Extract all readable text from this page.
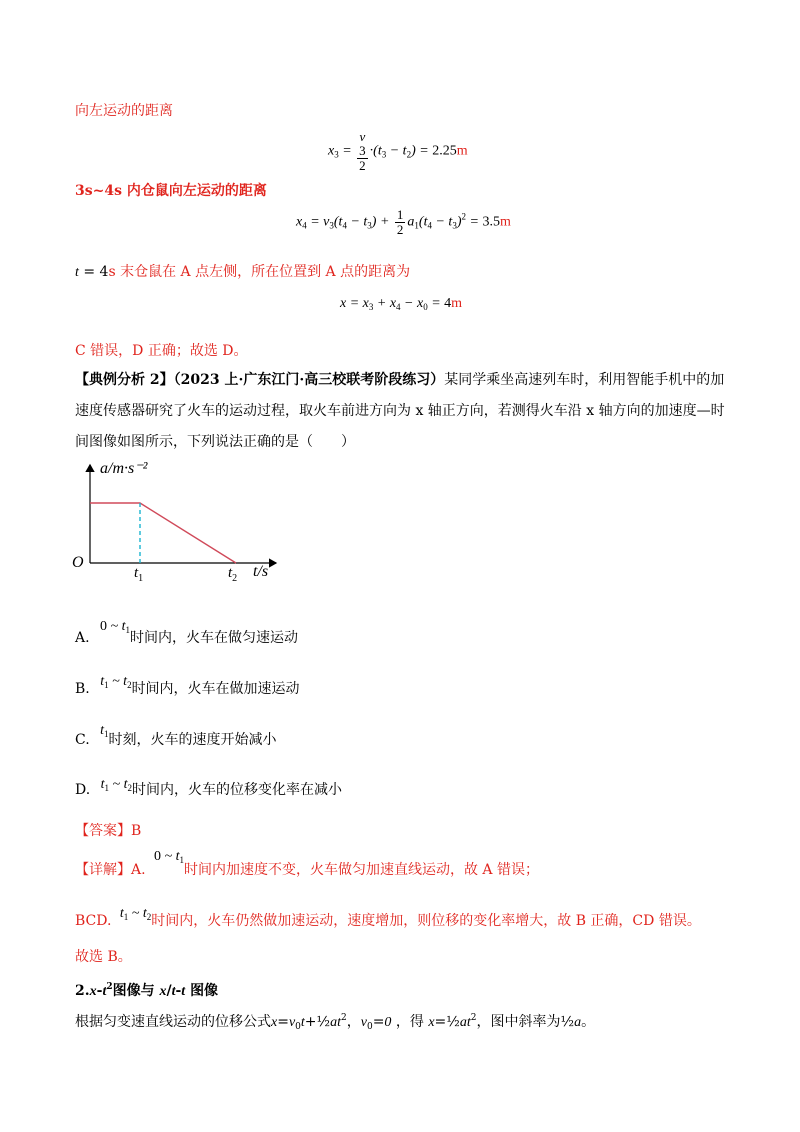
向左运动的距离
$x_3 = v$
3
$2 \cdot(t_3 - t_2) = 2.25m$
3s~4s 内仓鼠向左运动的距离
$x_4 = v_3(t_4 - t_3) + \frac{1}{2} a_1(t_4 - t_3)^2 = 3.5m$
t = 4s 末仓鼠在 A 点左侧，所在位置到 A 点的距离为
$x = x_3 + x_4 - x_0 = 4m$
C 错误，D 正确；故选 D。
【典例分析 2】（2023 上·广东江门·高三校联考阶段练习）某同学乘坐高速列车时，利用智能手机中的加
速度传感器研究了火车的运动过程，取火车前进方向为 x 轴正方向，若测得火车沿 x 轴方向的加速度—时
间图像如图所示，下列说法正确的是（　　）
a/m·s⁻²
O
t/s
$t_1$	$t_2$
A. 0 ~ $t_1$时间内，火车在做匀速运动
B. $t_1$ ~ $t_2$时间内，火车在做加速运动
C. $t_1$时刻，火车的速度开始减小
D. $t_1$ ~ $t_2$时间内，火车的位移变化率在减小
【答案】B
【详解】A. 0 ~ $t_1$时间内加速度不变，火车做匀加速直线运动，故 A 错误；
BCD. $t_1$ ~ $t_2$时间内，火车仍然做加速运动，速度增加，则位移的变化率增大，故 B 正确，CD 错误。
故选 B。
$2.x-t^2$图像与 x/t-t 图像
根据匀变速直线运动的位移公式$x=v_0t+\frac{1}{2}at^2$，$v_0=0$ ，得 $x=\frac{1}{2}at^2$，图中斜率为½a。
